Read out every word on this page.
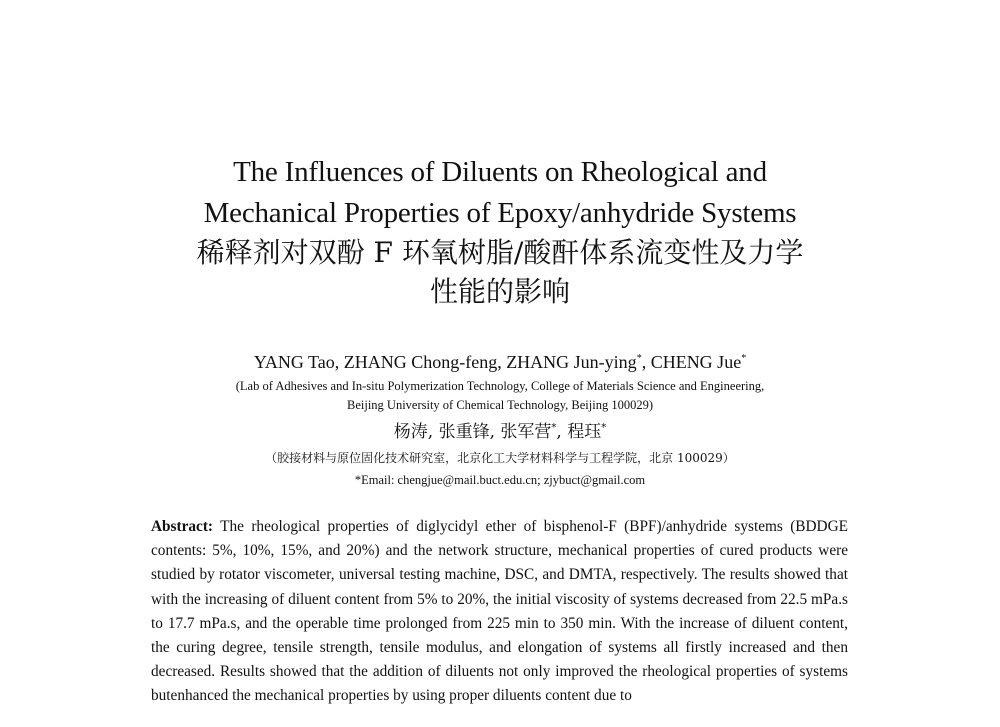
The Influences of Diluents on Rheological and
Mechanical Properties of Epoxy/anhydride Systems
稀释剂对双酚 F 环氧树脂/酸酐体系流变性及力学
性能的影响
YANG Tao, ZHANG Chong-feng, ZHANG Jun-ying*, CHENG Jue*
(Lab of Adhesives and In-situ Polymerization Technology, College of Materials Science and Engineering,
Beijing University of Chemical Technology, Beijing 100029)
杨涛, 张重锋, 张军营*, 程珏*
（胶接材料与原位固化技术研究室，北京化工大学材料科学与工程学院，北京 100029）
*Email: chengjue@mail.buct.edu.cn; zjybuct@gmail.com

Abstract: The rheological properties of diglycidyl ether of bisphenol-F (BPF)/anhydride systems (BDDGE contents: 5%, 10%, 15%, and 20%) and the network structure, mechanical properties of cured products were studied by rotator viscometer, universal testing machine, DSC, and DMTA, respectively. The results showed that with the increasing of diluent content from 5% to 20%, the initial viscosity of systems decreased from 22.5 mPa.s to 17.7 mPa.s, and the operable time prolonged from 225 min to 350 min. With the increase of diluent content, the curing degree, tensile strength, tensile modulus, and elongation of systems all firstly increased and then decreased. Results showed that the addition of diluents not only improved the rheological properties of systems butenhanced the mechanical properties by using proper diluents content due to
